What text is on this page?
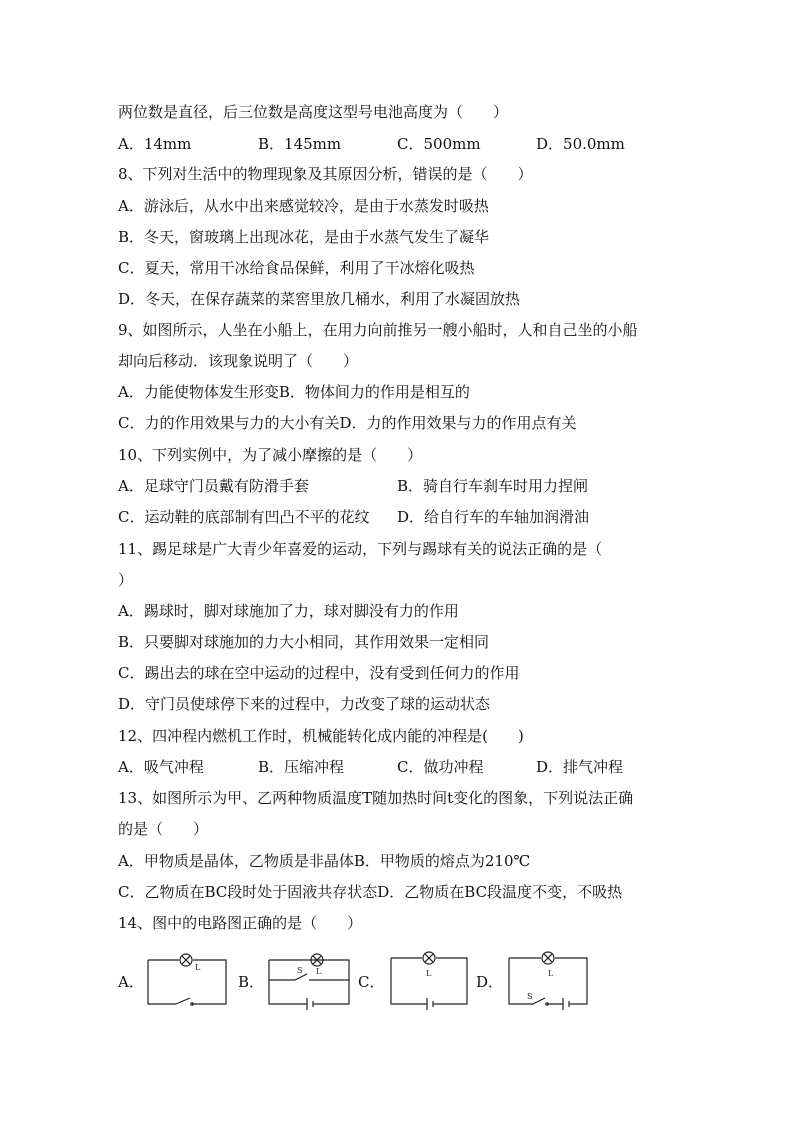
两位数是直径，后三位数是高度这型号电池高度为（　　）
A．14mm	B．145mm	C．500mm	D．50.0mm
8、下列对生活中的物理现象及其原因分析，错误的是（　　）
A．游泳后，从水中出来感觉较冷，是由于水蒸发时吸热
B．冬天，窗玻璃上出现冰花，是由于水蒸气发生了凝华
C．夏天，常用干冰给食品保鲜，利用了干冰熔化吸热
D．冬天，在保存蔬菜的菜窖里放几桶水，利用了水凝固放热
9、如图所示，人坐在小船上，在用力向前推另一艘小船时，人和自己坐的小船
却向后移动．该现象说明了（　　）
A．力能使物体发生形变B．物体间力的作用是相互的
C．力的作用效果与力的大小有关D．力的作用效果与力的作用点有关
10、下列实例中，为了减小摩擦的是（　　）
A．足球守门员戴有防滑手套	B．骑自行车刹车时用力捏闸
C．运动鞋的底部制有凹凸不平的花纹 D．给自行车的车轴加润滑油
11、踢足球是广大青少年喜爱的运动，下列与踢球有关的说法正确的是（
）
A．踢球时，脚对球施加了力，球对脚没有力的作用
B．只要脚对球施加的力大小相同，其作用效果一定相同
C．踢出去的球在空中运动的过程中，没有受到任何力的作用
D．守门员使球停下来的过程中，力改变了球的运动状态
12、四冲程内燃机工作时，机械能转化成内能的冲程是(　　)
A．吸气冲程	B．压缩冲程	C．做功冲程	D．排气冲程
13、如图所示为甲、乙两种物质温度T随加热时间t变化的图象，下列说法正确
的是（　　）
A．甲物质是晶体，乙物质是非晶体B．甲物质的熔点为210℃
C．乙物质在BC段时处于固液共存状态D．乙物质在BC段温度不变，不吸热
14、图中的电路图正确的是（　　）
A．	B．	C．	D．
L	L
S	L	L
S
